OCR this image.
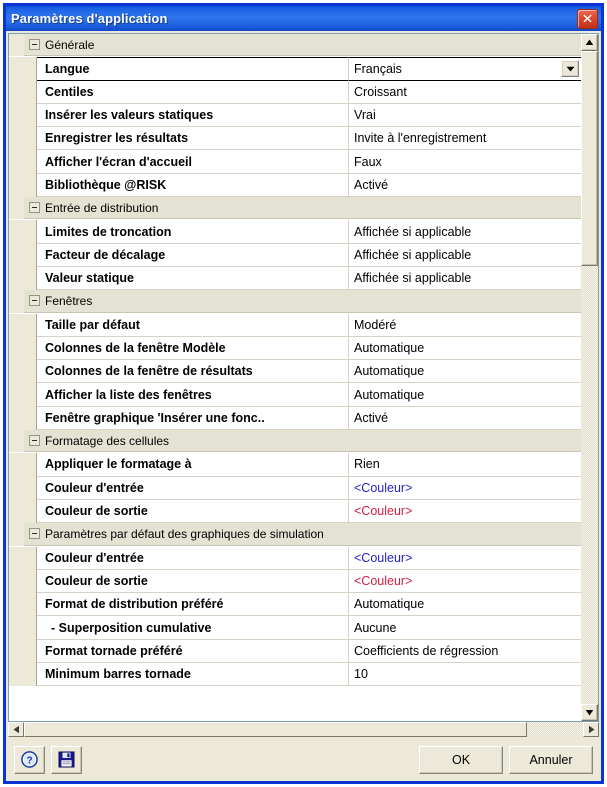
Paramètres d'application
Générale
Langue	Français
Centiles	Croissant
Insérer les valeurs statiques	Vrai
Enregistrer les résultats	Invite à l'enregistrement
Afficher l'écran d'accueil	Faux
Bibliothèque @RISK	Activé
Entrée de distribution
Limites de troncation	Affichée si applicable
Facteur de décalage	Affichée si applicable
Valeur statique	Affichée si applicable
Fenêtres
Taille par défaut	Modéré
Colonnes de la fenêtre Modèle	Automatique
Colonnes de la fenêtre de résultats	Automatique
Afficher la liste des fenêtres	Automatique
Fenêtre graphique 'Insérer une fonc..	Activé
Formatage des cellules
Appliquer le formatage à	Rien
Couleur d'entrée	<Couleur>
Couleur de sortie	<Couleur>
Paramètres par défaut des graphiques de simulation
Couleur d'entrée	<Couleur>
Couleur de sortie	<Couleur>
Format de distribution préféré	Automatique
- Superposition cumulative	Aucune
Format tornade préféré	Coefficients de régression
Minimum barres tornade	10
?	OK	Annuler
